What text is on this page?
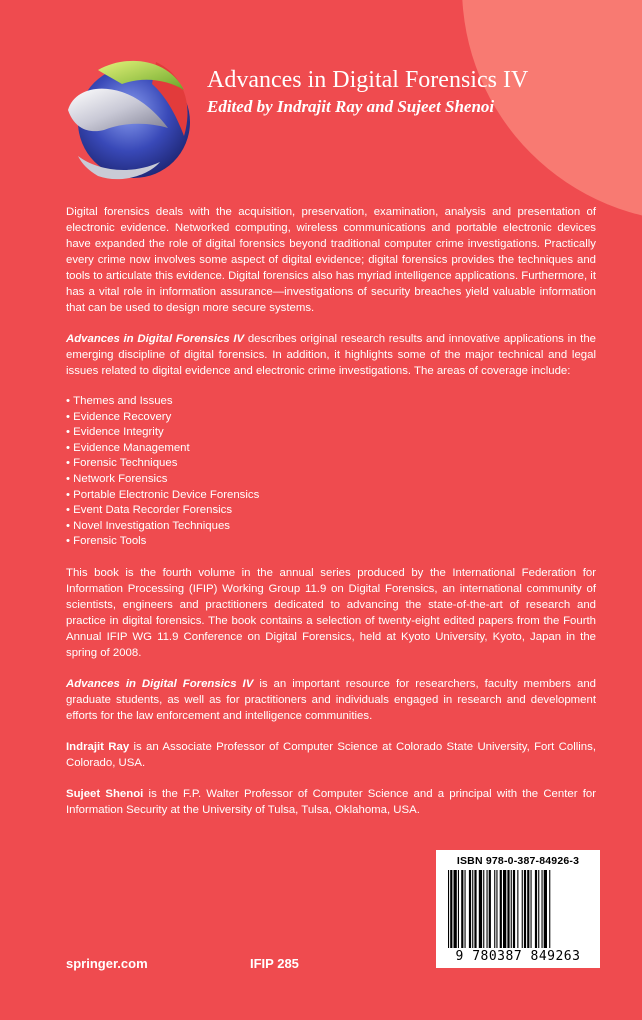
Advances in Digital Forensics IV
Edited by Indrajit Ray and Sujeet Shenoi

Digital forensics deals with the acquisition, preservation, examination, analysis and presentation of electronic evidence. Networked computing, wireless communications and portable electronic devices have expanded the role of digital forensics beyond traditional computer crime investigations. Practically every crime now involves some aspect of digital evidence; digital forensics provides the techniques and tools to articulate this evidence. Digital forensics also has myriad intelligence applications. Furthermore, it has a vital role in information assurance—investigations of security breaches yield valuable information that can be used to design more secure systems.

Advances in Digital Forensics IV describes original research results and innovative applications in the emerging discipline of digital forensics. In addition, it highlights some of the major technical and legal issues related to digital evidence and electronic crime investigations. The areas of coverage include:

• Themes and Issues
• Evidence Recovery
• Evidence Integrity
• Evidence Management
• Forensic Techniques
• Network Forensics
• Portable Electronic Device Forensics
• Event Data Recorder Forensics
• Novel Investigation Techniques
• Forensic Tools

This book is the fourth volume in the annual series produced by the International Federation for Information Processing (IFIP) Working Group 11.9 on Digital Forensics, an international community of scientists, engineers and practitioners dedicated to advancing the state-of-the-art of research and practice in digital forensics. The book contains a selection of twenty-eight edited papers from the Fourth Annual IFIP WG 11.9 Conference on Digital Forensics, held at Kyoto University, Kyoto, Japan in the spring of 2008.

Advances in Digital Forensics IV is an important resource for researchers, faculty members and graduate students, as well as for practitioners and individuals engaged in research and development efforts for the law enforcement and intelligence communities.

Indrajit Ray is an Associate Professor of Computer Science at Colorado State University, Fort Collins, Colorado, USA.

Sujeet Shenoi is the F.P. Walter Professor of Computer Science and a principal with the Center for Information Security at the University of Tulsa, Tulsa, Oklahoma, USA.

springer.com	IFIP 285
ISBN 978-0-387-84926-3
9 780387 849263
